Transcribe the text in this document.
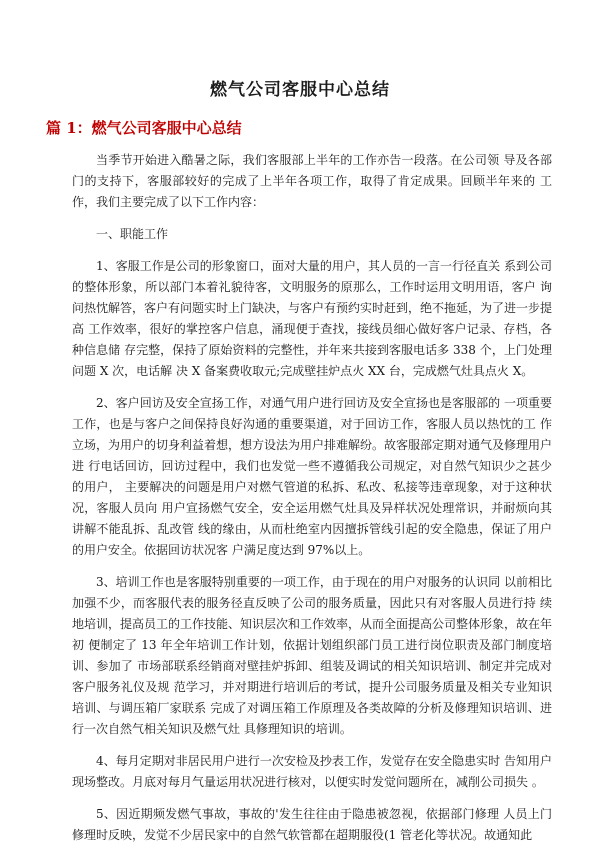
燃气公司客服中心总结
篇 1：燃气公司客服中心总结

当季节开始进入酷暑之际，我们客服部上半年的工作亦告一段落。在公司领 导及各部门的支持下，客服部较好的完成了上半年各项工作，取得了肯定成果。回顾半年来的 工作，我们主要完成了以下工作内容：

一、职能工作

1、客服工作是公司的形象窗口，面对大量的用户，其人员的一言一行径直关 系到公司的整体形象，所以部门本着礼貌待客，文明服务的原那么，工作时运用文明用语，客户 询问热忱解答，客户有问题实时上门缺决，与客户有预约实时赶到，绝不拖延，为了进一步提高 工作效率，很好的掌控客户信息，涌现便于查找，接线员细心做好客户记录、存档，各种信息储 存完整，保持了原始资料的完整性，并年来共接到客服电话多 338 个，上门处理问题 X 次，电话解 决 X 备案费收取元;完成壁挂炉点火 XX 台，完成燃气灶具点火 X。

2、客户回访及安全宣扬工作，对通气用户进行回访及安全宣扬也是客服部的 一项重要工作，也是与客户之间保持良好沟通的重要渠道，对于回访工作，客服人员以热忱的工 作立场，为用户的切身利益着想，想方设法为用户排难解纷。故客服部定期对通气及修理用户进 行电话回访，回访过程中，我们也发觉一些不遵循我公司规定，对自然气知识少之甚少的用户， 主要解决的问题是用户对燃气管道的私拆、私改、私接等违章现象，对于这种状况，客服人员向 用户宣扬燃气安全，安全运用燃气灶具及异样状况处理常识，并耐烦向其讲解不能乱拆、乱改管 线的缘由，从而杜绝室内因擅拆管线引起的安全隐患，保证了用户的用户安全。依据回访状况客 户满足度达到 97%以上。

3、培训工作也是客服特别重要的一项工作，由于现在的用户对服务的认识同 以前相比加强不少，而客服代表的服务径直反映了公司的服务质量，因此只有对客服人员进行持 续地培训，提高员工的工作技能、知识层次和工作效率，从而全面提高公司整体形象，故在年初 便制定了 13 年全年培训工作计划，依据计划组织部门员工进行岗位职责及部门制度培训、参加了 市场部联系经销商对壁挂炉拆卸、组装及调试的相关知识培训、制定并完成对客户服务礼仪及规 范学习，并对期进行培训后的考试，提升公司服务质量及相关专业知识培训、与调压箱厂家联系 完成了对调压箱工作原理及各类故障的分析及修理知识培训、进行一次自然气相关知识及燃气灶 具修理知识的培训。

4、每月定期对非居民用户进行一次安检及抄表工作，发觉存在安全隐患实时 告知用户现场整改。月底对每月气量运用状况进行核对，以便实时发觉问题所在，减削公司损失 。

5、因近期频发燃气事故，事故的'发生往往由于隐患被忽视，依据部门修理 人员上门修理时反映，发觉不少居民家中的自然气软管都在超期服役(1 管老化等状况。故通知此
